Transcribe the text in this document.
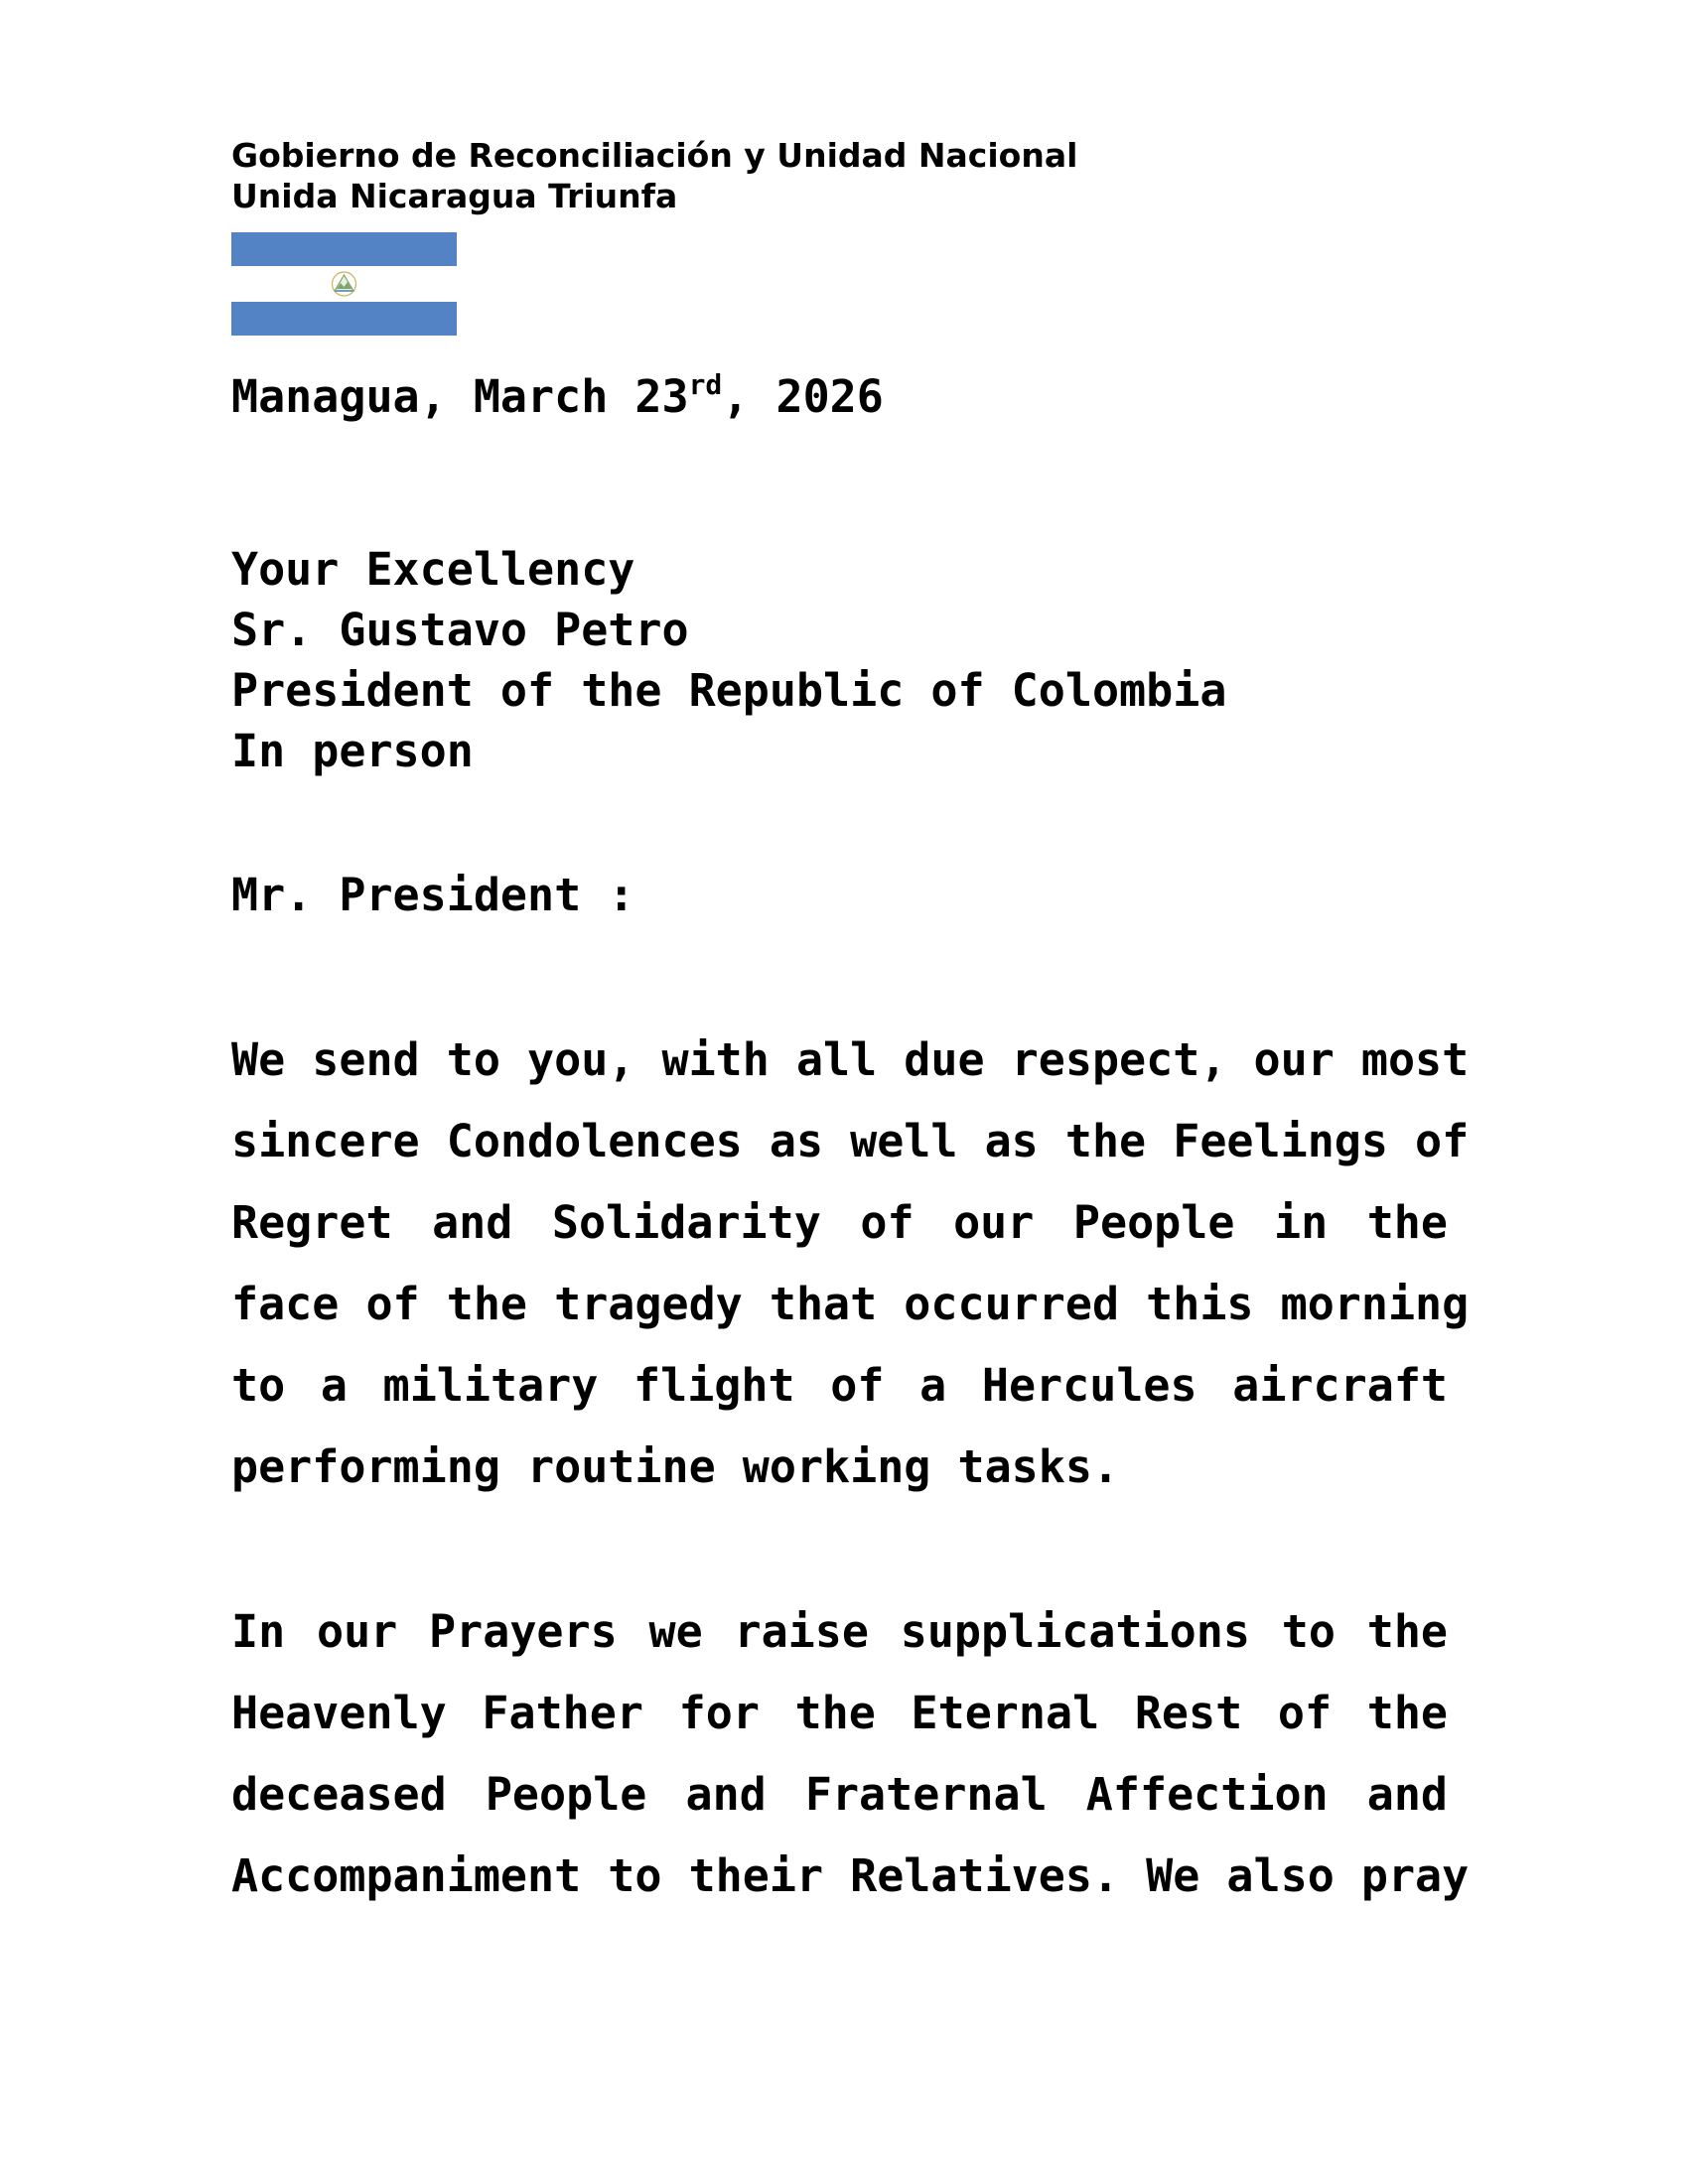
Gobierno de Reconciliación y Unidad Nacional
Unida Nicaragua Triunfa
Managua, March 23rd, 2026
Your Excellency
Sr. Gustavo Petro
President of the Republic of Colombia
In person
Mr. President :
We send to you, with all due respect, our most
sincere Condolences as well as the Feelings of
Regret and Solidarity of our People in the
face of the tragedy that occurred this morning
to a military flight of a Hercules aircraft
performing routine working tasks.
In our Prayers we raise supplications to the
Heavenly Father for the Eternal Rest of the
deceased People and Fraternal Affection and
Accompaniment to their Relatives. We also pray
